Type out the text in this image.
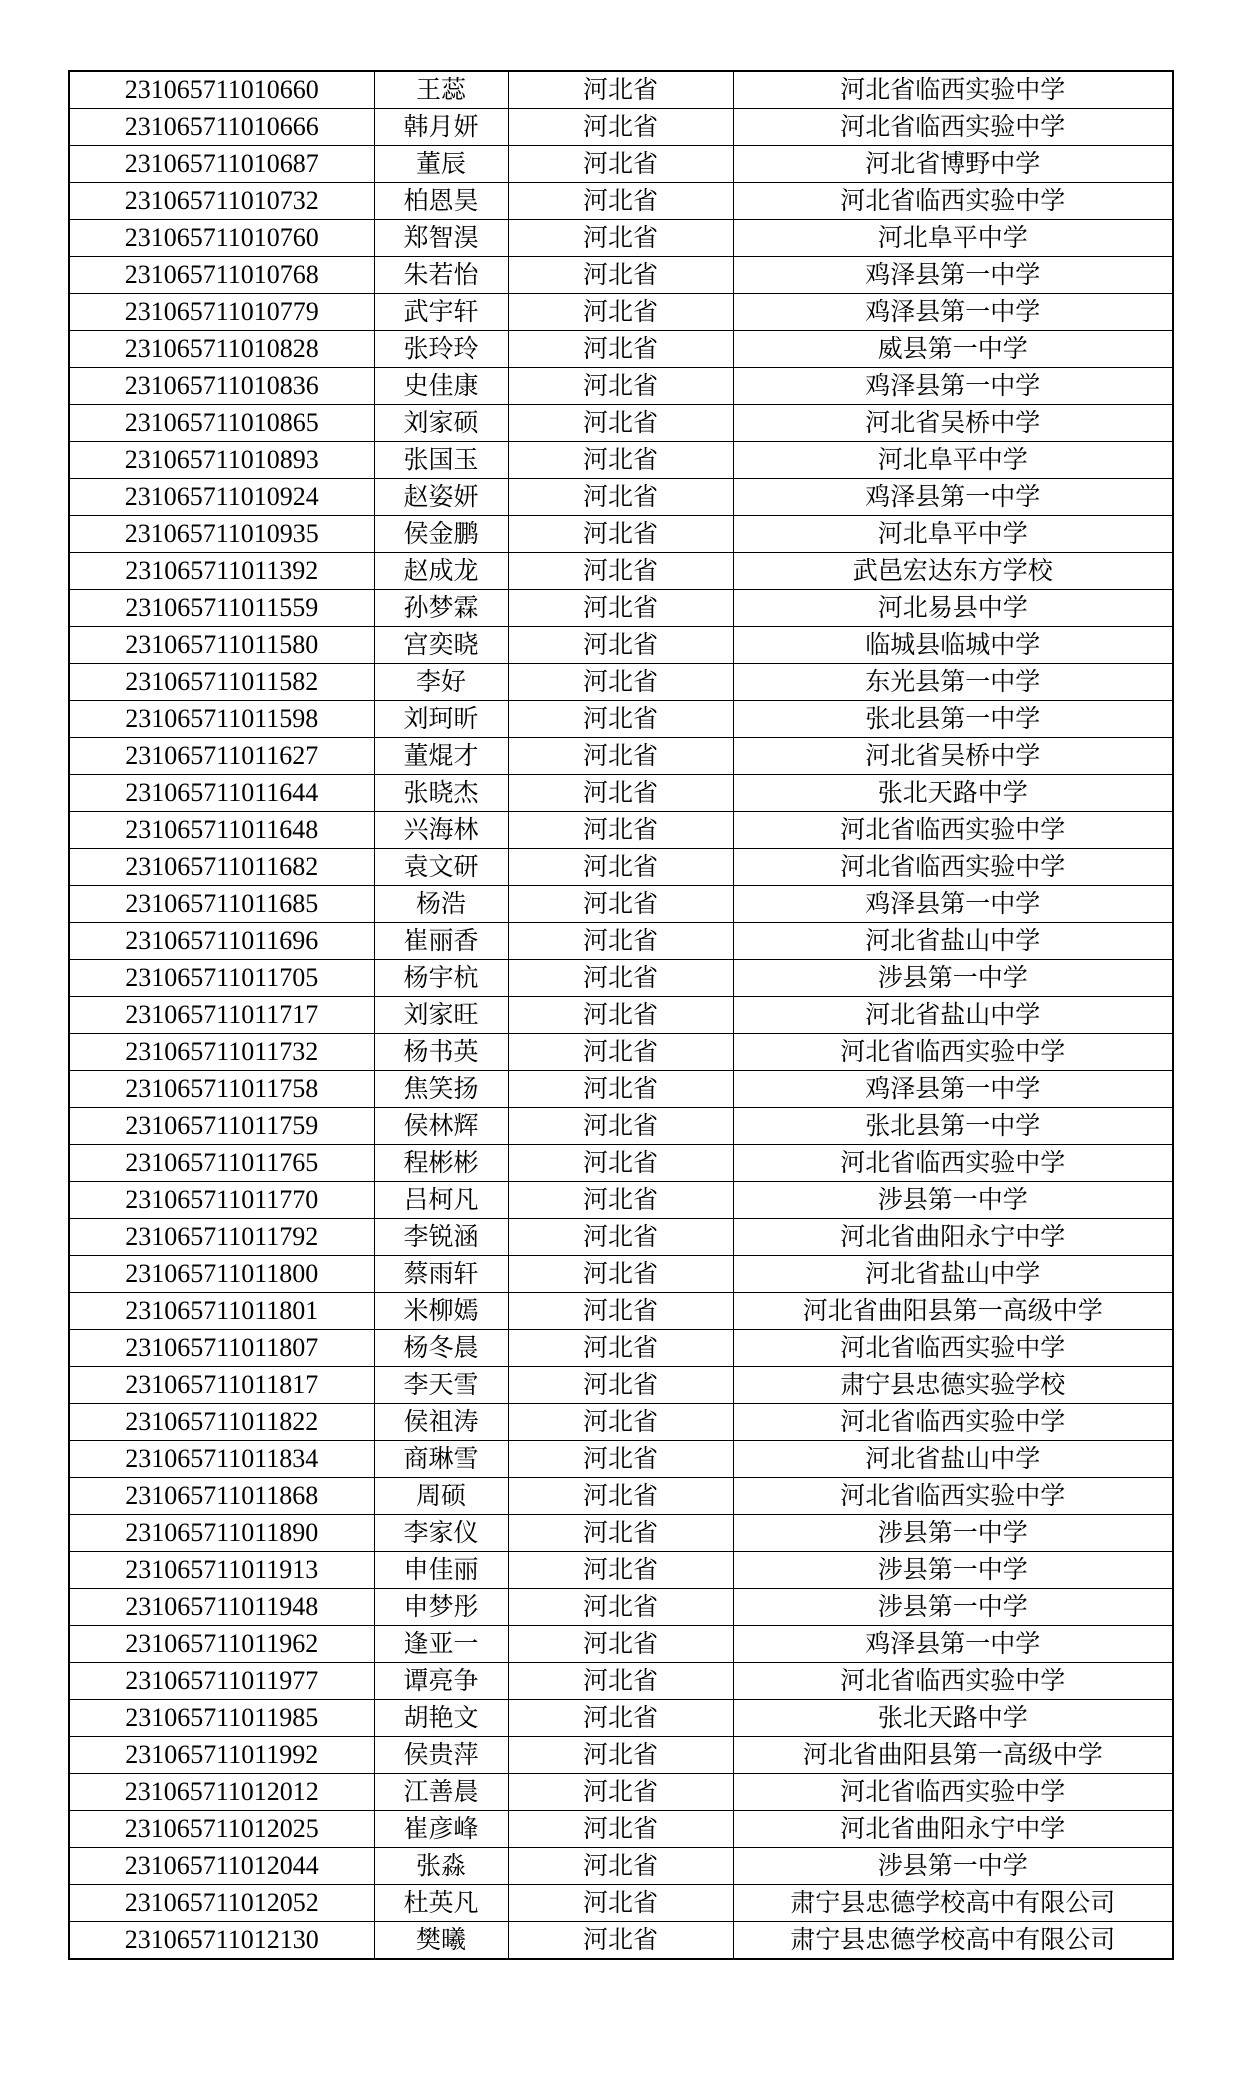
231065711010660	王蕊	河北省	河北省临西实验中学
231065711010666	韩月妍	河北省	河北省临西实验中学
231065711010687	董辰	河北省	河北省博野中学
231065711010732	柏恩昊	河北省	河北省临西实验中学
231065711010760	郑智淏	河北省	河北阜平中学
231065711010768	朱若怡	河北省	鸡泽县第一中学
231065711010779	武宇轩	河北省	鸡泽县第一中学
231065711010828	张玲玲	河北省	威县第一中学
231065711010836	史佳康	河北省	鸡泽县第一中学
231065711010865	刘家硕	河北省	河北省吴桥中学
231065711010893	张国玉	河北省	河北阜平中学
231065711010924	赵姿妍	河北省	鸡泽县第一中学
231065711010935	侯金鹏	河北省	河北阜平中学
231065711011392	赵成龙	河北省	武邑宏达东方学校
231065711011559	孙梦霖	河北省	河北易县中学
231065711011580	宫奕晓	河北省	临城县临城中学
231065711011582	李好	河北省	东光县第一中学
231065711011598	刘珂昕	河北省	张北县第一中学
231065711011627	董焜才	河北省	河北省吴桥中学
231065711011644	张晓杰	河北省	张北天路中学
231065711011648	兴海林	河北省	河北省临西实验中学
231065711011682	袁文研	河北省	河北省临西实验中学
231065711011685	杨浩	河北省	鸡泽县第一中学
231065711011696	崔丽香	河北省	河北省盐山中学
231065711011705	杨宇杭	河北省	涉县第一中学
231065711011717	刘家旺	河北省	河北省盐山中学
231065711011732	杨书英	河北省	河北省临西实验中学
231065711011758	焦笑扬	河北省	鸡泽县第一中学
231065711011759	侯林辉	河北省	张北县第一中学
231065711011765	程彬彬	河北省	河北省临西实验中学
231065711011770	吕柯凡	河北省	涉县第一中学
231065711011792	李锐涵	河北省	河北省曲阳永宁中学
231065711011800	蔡雨轩	河北省	河北省盐山中学
231065711011801	米柳嫣	河北省	河北省曲阳县第一高级中学
231065711011807	杨冬晨	河北省	河北省临西实验中学
231065711011817	李天雪	河北省	肃宁县忠德实验学校
231065711011822	侯祖涛	河北省	河北省临西实验中学
231065711011834	商琳雪	河北省	河北省盐山中学
231065711011868	周硕	河北省	河北省临西实验中学
231065711011890	李家仪	河北省	涉县第一中学
231065711011913	申佳丽	河北省	涉县第一中学
231065711011948	申梦彤	河北省	涉县第一中学
231065711011962	逢亚一	河北省	鸡泽县第一中学
231065711011977	谭亮争	河北省	河北省临西实验中学
231065711011985	胡艳文	河北省	张北天路中学
231065711011992	侯贵萍	河北省	河北省曲阳县第一高级中学
231065711012012	江善晨	河北省	河北省临西实验中学
231065711012025	崔彦峰	河北省	河北省曲阳永宁中学
231065711012044	张淼	河北省	涉县第一中学
231065711012052	杜英凡	河北省	肃宁县忠德学校高中有限公司
231065711012130	樊曦	河北省	肃宁县忠德学校高中有限公司
